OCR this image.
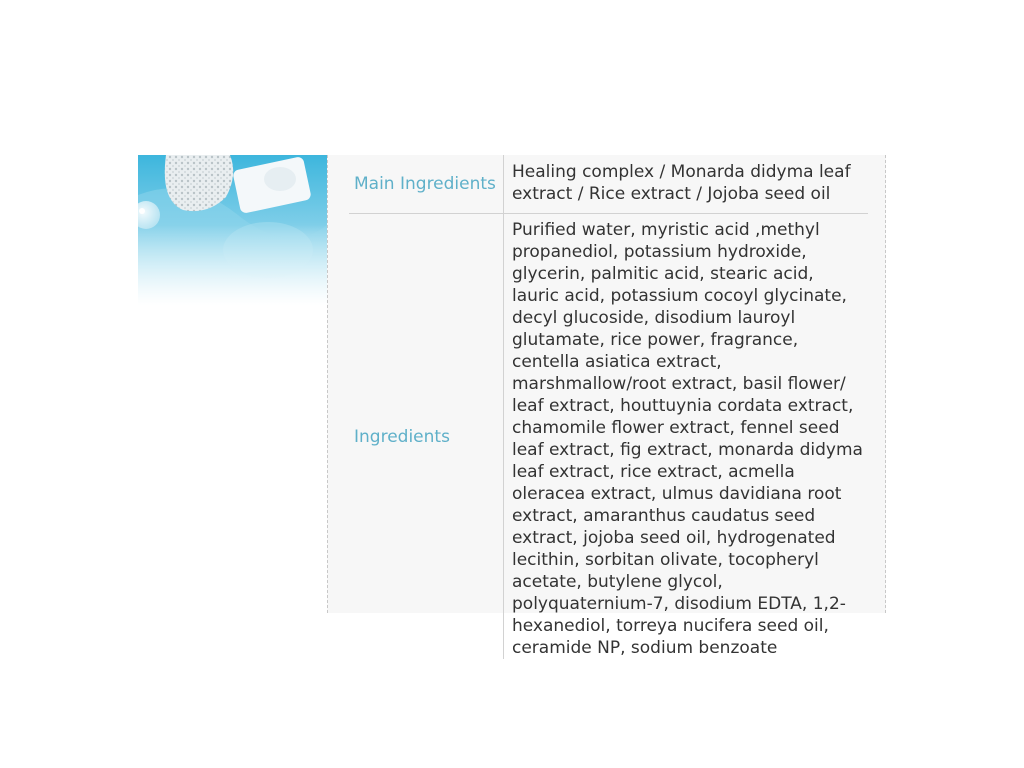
Main Ingredients	Healing complex / Monarda didyma leaf extract / Rice extract / Jojoba seed oil
Ingredients	Purified water, myristic acid ,methyl propanediol, potassium hydroxide, glycerin, palmitic acid, stearic acid, lauric acid, potassium cocoyl glycinate, decyl glucoside, disodium lauroyl glutamate, rice power, fragrance, centella asiatica extract, marshmallow/root extract, basil flower/ leaf extract, houttuynia cordata extract, chamomile flower extract, fennel seed leaf extract, fig extract, monarda didyma leaf extract, rice extract, acmella oleracea extract, ulmus davidiana root extract, amaranthus caudatus seed extract, jojoba seed oil, hydrogenated lecithin, sorbitan olivate, tocopheryl acetate, butylene glycol, polyquaternium-7, disodium EDTA, 1,2-hexanediol, torreya nucifera seed oil, ceramide NP, sodium benzoate
